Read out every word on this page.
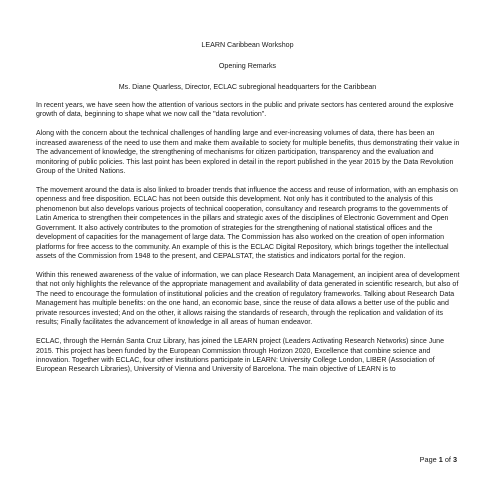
LEARN Caribbean Workshop

Opening Remarks

Ms. Diane Quarless, Director, ECLAC subregional headquarters for the Caribbean

In recent years, we have seen how the attention of various sectors in the public and private sectors has centered around the explosive growth of data, beginning to shape what we now call the "data revolution".

Along with the concern about the technical challenges of handling large and ever-increasing volumes of data, there has been an increased awareness of the need to use them and make them available to society for multiple benefits, thus demonstrating their value in The advancement of knowledge, the strengthening of mechanisms for citizen participation, transparency and the evaluation and monitoring of public policies. This last point has been explored in detail in the report published in the year 2015 by the Data Revolution Group of the United Nations.

The movement around the data is also linked to broader trends that influence the access and reuse of information, with an emphasis on openness and free disposition. ECLAC has not been outside this development. Not only has it contributed to the analysis of this phenomenon but also develops various projects of technical cooperation, consultancy and research programs to the governments of Latin America to strengthen their competences in the pillars and strategic axes of the disciplines of Electronic Government and Open Government. It also actively contributes to the promotion of strategies for the strengthening of national statistical offices and the development of capacities for the management of large data. The Commission has also worked on the creation of open information platforms for free access to the community. An example of this is the ECLAC Digital Repository, which brings together the intellectual assets of the Commission from 1948 to the present, and CEPALSTAT, the statistics and indicators portal for the region.

Within this renewed awareness of the value of information, we can place Research Data Management, an incipient area of development that not only highlights the relevance of the appropriate management and availability of data generated in scientific research, but also of The need to encourage the formulation of institutional policies and the creation of regulatory frameworks. Talking about Research Data Management has multiple benefits: on the one hand, an economic base, since the reuse of data allows a better use of the public and private resources invested; And on the other, it allows raising the standards of research, through the replication and validation of its results; Finally facilitates the advancement of knowledge in all areas of human endeavor.

ECLAC, through the Hernán Santa Cruz Library, has joined the LEARN project (Leaders Activating Research Networks) since June 2015. This project has been funded by the European Commission through Horizon 2020, Excellence that combine science and innovation. Together with ECLAC, four other institutions participate in LEARN: University College London, LIBER (Association of European Research Libraries), University of Vienna and University of Barcelona. The main objective of LEARN is to

Page 1 of 3
